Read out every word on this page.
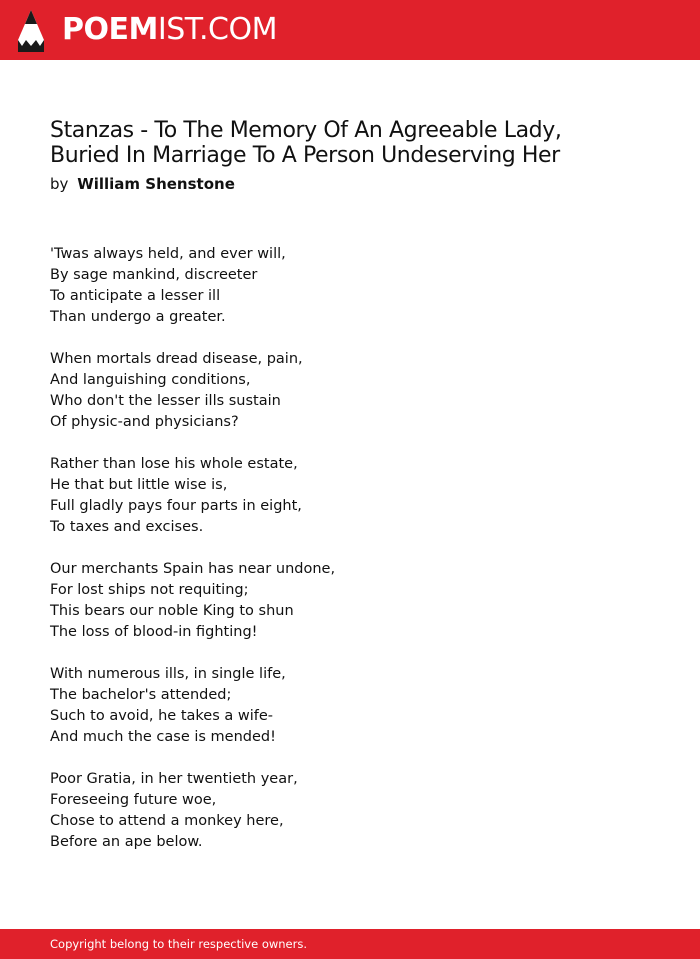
POEMIST.COM
Stanzas - To The Memory Of An Agreeable Lady,
Buried In Marriage To A Person Undeserving Her
by William Shenstone
'Twas always held, and ever will,
By sage mankind, discreeter
To anticipate a lesser ill
Than undergo a greater.
When mortals dread disease, pain,
And languishing conditions,
Who don't the lesser ills sustain
Of physic-and physicians?
Rather than lose his whole estate,
He that but little wise is,
Full gladly pays four parts in eight,
To taxes and excises.
Our merchants Spain has near undone,
For lost ships not requiting;
This bears our noble King to shun
The loss of blood-in fighting!
With numerous ills, in single life,
The bachelor's attended;
Such to avoid, he takes a wife-
And much the case is mended!
Poor Gratia, in her twentieth year,
Foreseeing future woe,
Chose to attend a monkey here,
Before an ape below.
Copyright belong to their respective owners.
